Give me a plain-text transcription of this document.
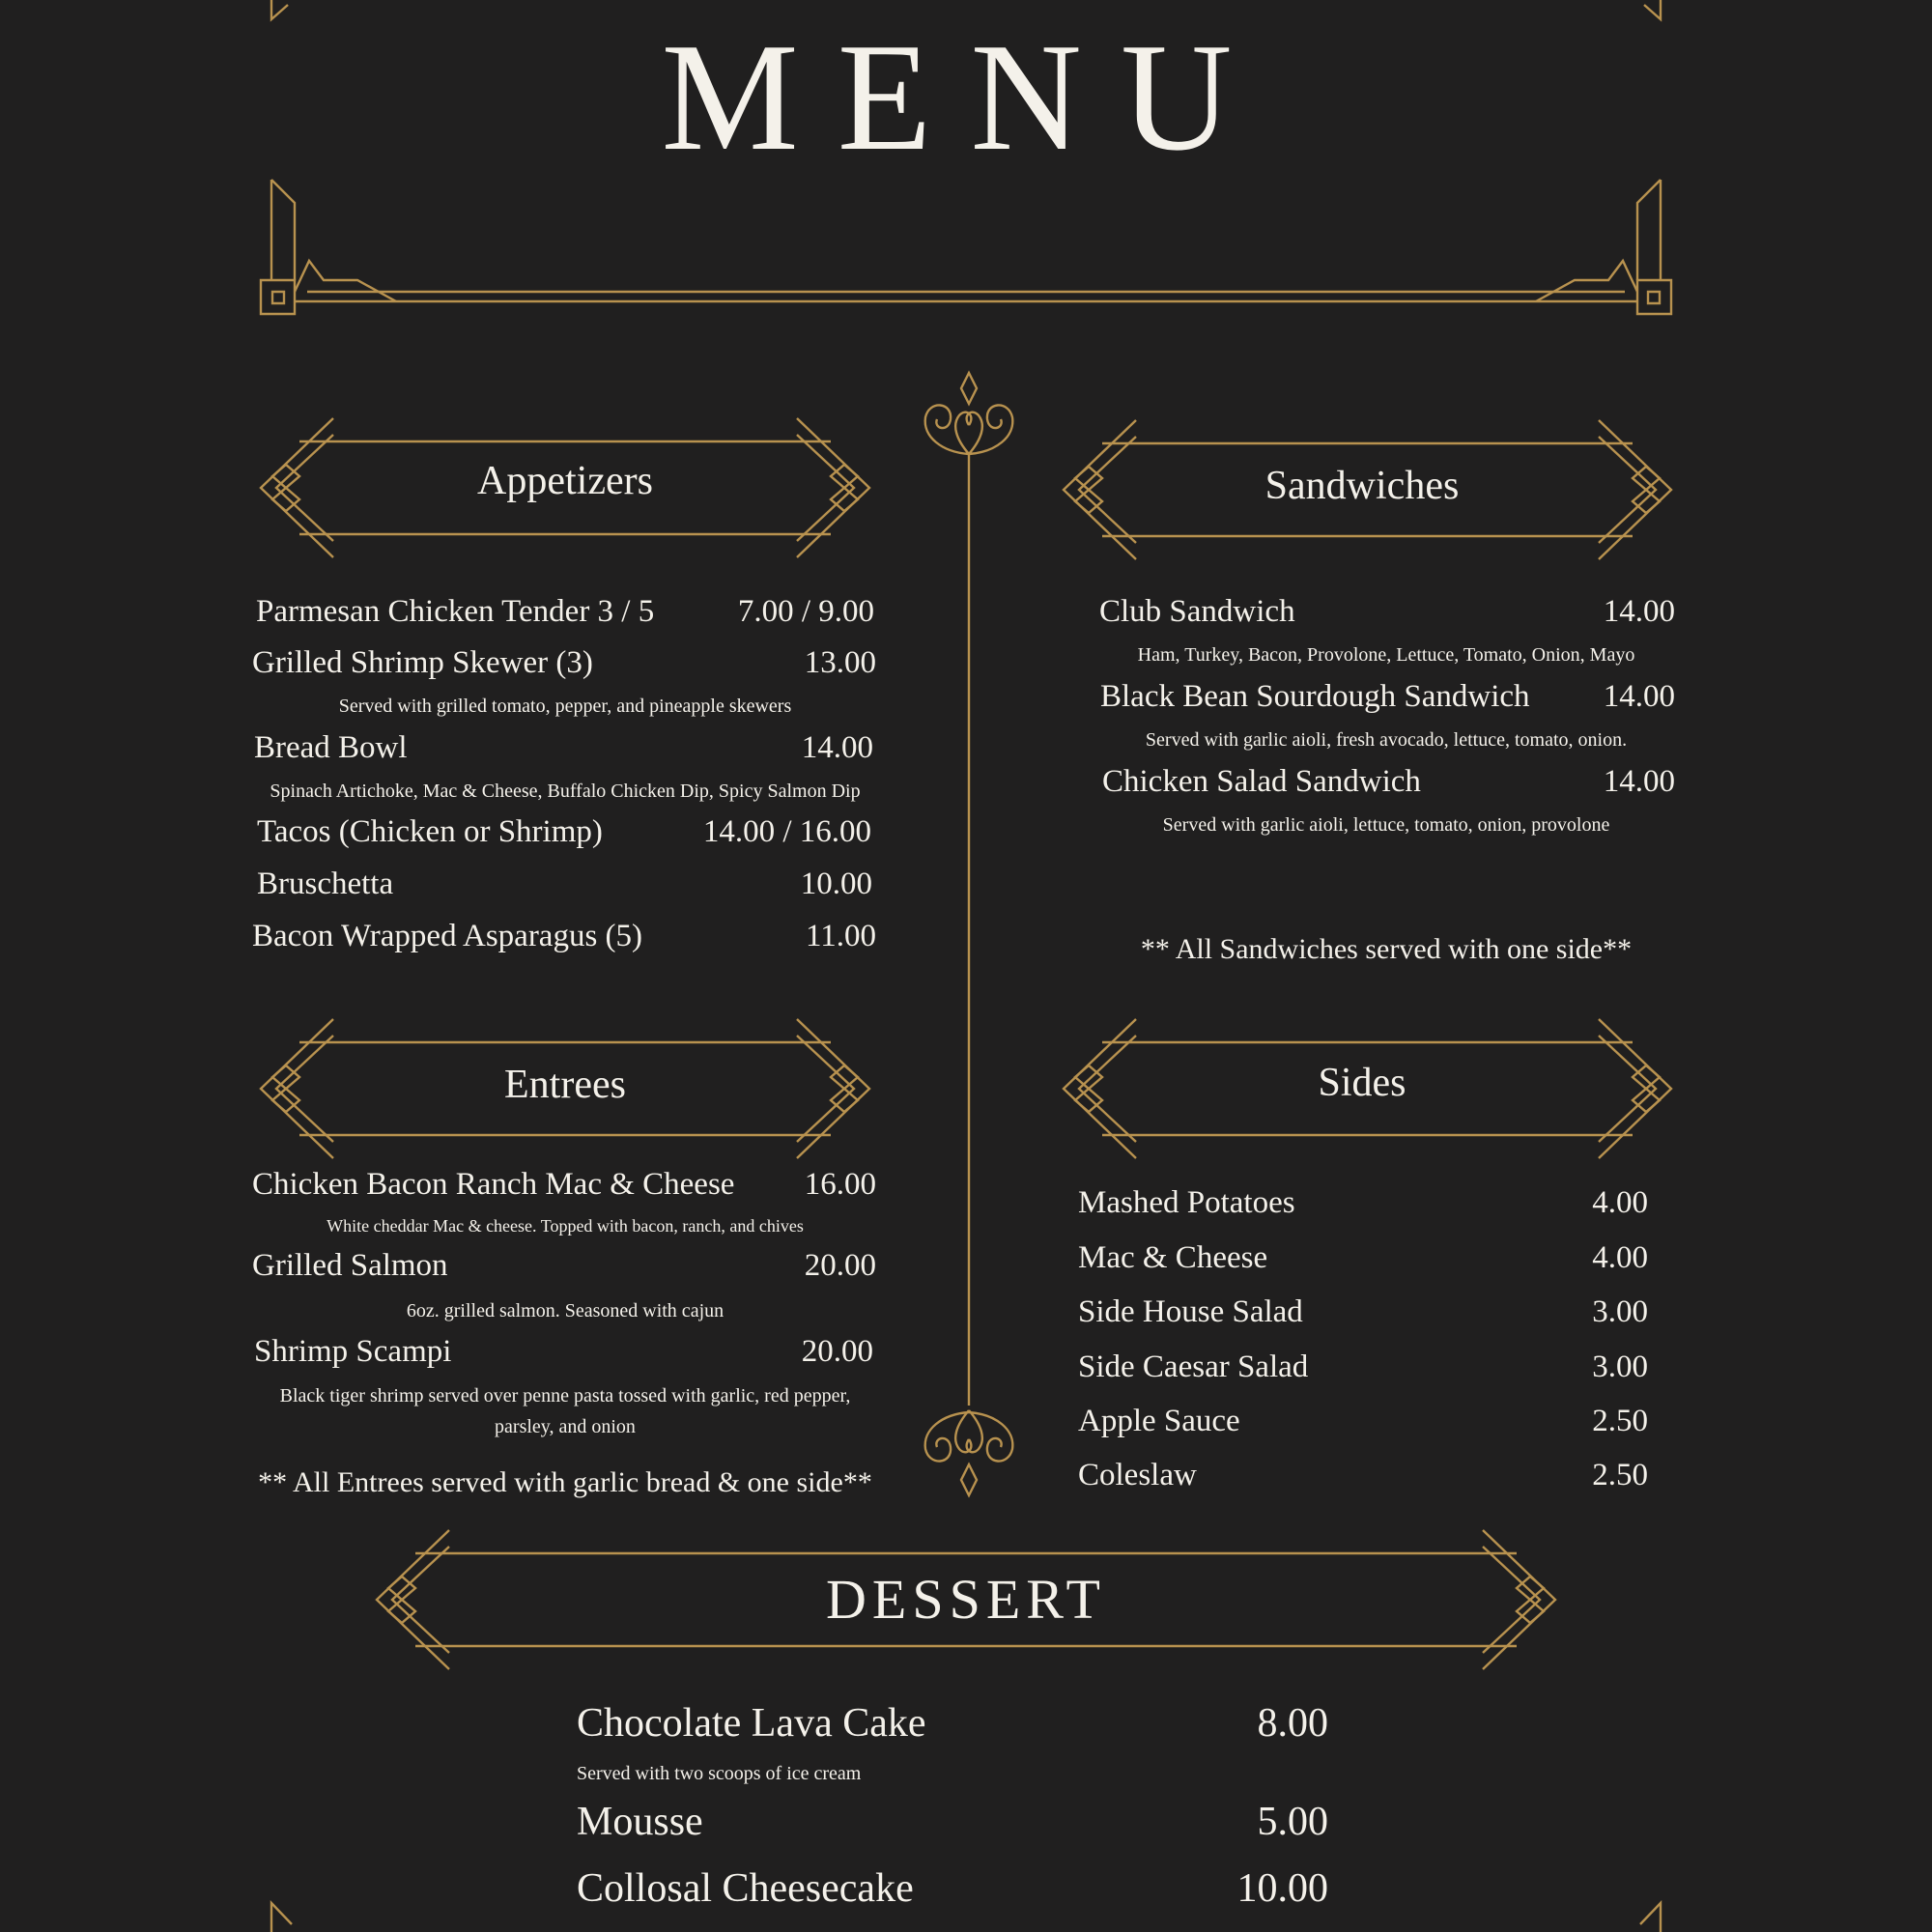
MENU
Appetizers
Parmesan Chicken Tender 3 / 5	7.00 / 9.00
Grilled Shrimp Skewer (3)	13.00
Served with grilled tomato, pepper, and pineapple skewers
Bread Bowl	14.00
Spinach Artichoke, Mac & Cheese, Buffalo Chicken Dip, Spicy Salmon Dip
Tacos (Chicken or Shrimp)	14.00 / 16.00
Bruschetta	10.00
Bacon Wrapped Asparagus (5)	11.00
Sandwiches
Club Sandwich	14.00
Ham, Turkey, Bacon, Provolone, Lettuce, Tomato, Onion, Mayo
Black Bean Sourdough Sandwich 14.00
Served with garlic aioli, fresh avocado, lettuce, tomato, onion.
Chicken Salad Sandwich	14.00
Served with garlic aioli, lettuce, tomato, onion, provolone
** All Sandwiches served with one side**
Entrees
Chicken Bacon Ranch Mac & Cheese 16.00
White cheddar Mac & cheese. Topped with bacon, ranch, and chives
Grilled Salmon	20.00
6oz. grilled salmon. Seasoned with cajun
Shrimp Scampi	20.00
Black tiger shrimp served over penne pasta tossed with garlic, red pepper, parsley, and onion
** All Entrees served with garlic bread & one side**
Sides
Mashed Potatoes	4.00
Mac & Cheese	4.00
Side House Salad	3.00
Side Caesar Salad	3.00
Apple Sauce	2.50
Coleslaw	2.50
DESSERT
Chocolate Lava Cake	8.00
Served with two scoops of ice cream
Mousse	5.00
Collosal Cheesecake	10.00
